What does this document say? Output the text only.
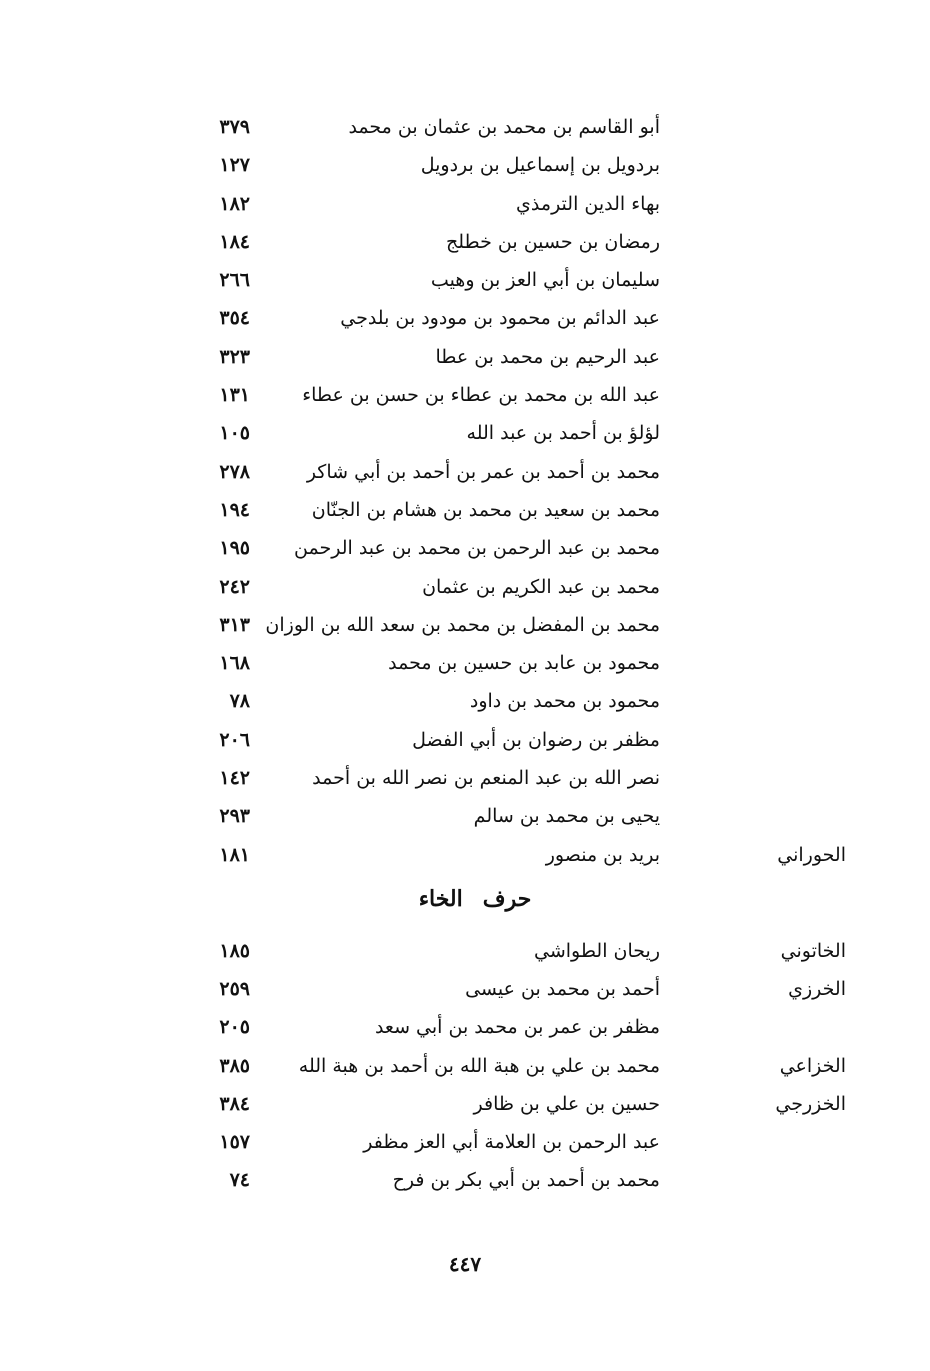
أبو القاسم بن محمد بن عثمان بن محمد
٣٧٩
بردويل بن إسماعيل بن بردويل
١٢٧
بهاء الدين الترمذي
١٨٢
رمضان بن حسين بن خطلج
١٨٤
سليمان بن أبي العز بن وهيب
٢٦٦
عبد الدائم بن محمود بن مودود بن بلدجي
٣٥٤
عبد الرحيم بن محمد بن عطا
٣٢٣
عبد الله بن محمد بن عطاء بن حسن بن عطاء
١٣١
لؤلؤ بن أحمد بن عبد الله
١٠٥
محمد بن أحمد بن عمر بن أحمد بن أبي شاكر
٢٧٨
محمد بن سعيد بن محمد بن هشام بن الجنّان
١٩٤
محمد بن عبد الرحمن بن محمد بن عبد الرحمن
١٩٥
محمد بن عبد الكريم بن عثمان
٢٤٢
محمد بن المفضل بن محمد بن سعد الله بن الوزان
٣١٣
محمود بن عابد بن حسين بن محمد
١٦٨
محمود بن محمد بن داود
٧٨
مظفر بن رضوان بن أبي الفضل
٢٠٦
نصر الله بن عبد المنعم بن نصر الله بن أحمد
١٤٢
يحيى بن محمد بن سالم
٢٩٣
الحوراني
بريد بن منصور
١٨١
حرفالخاء
الخاتوني
ريحان الطواشي
١٨٥
الخرزي
أحمد بن محمد بن عيسى
٢٥٩
مظفر بن عمر بن محمد بن أبي سعد
٢٠٥
الخزاعي
محمد بن علي بن هبة الله بن أحمد بن هبة الله
٣٨٥
الخزرجي
حسين بن علي بن ظافر
٣٨٤
عبد الرحمن بن العلامة أبي العز مظفر
١٥٧
محمد بن أحمد بن أبي بكر بن فرح
٧٤
٤٤٧
